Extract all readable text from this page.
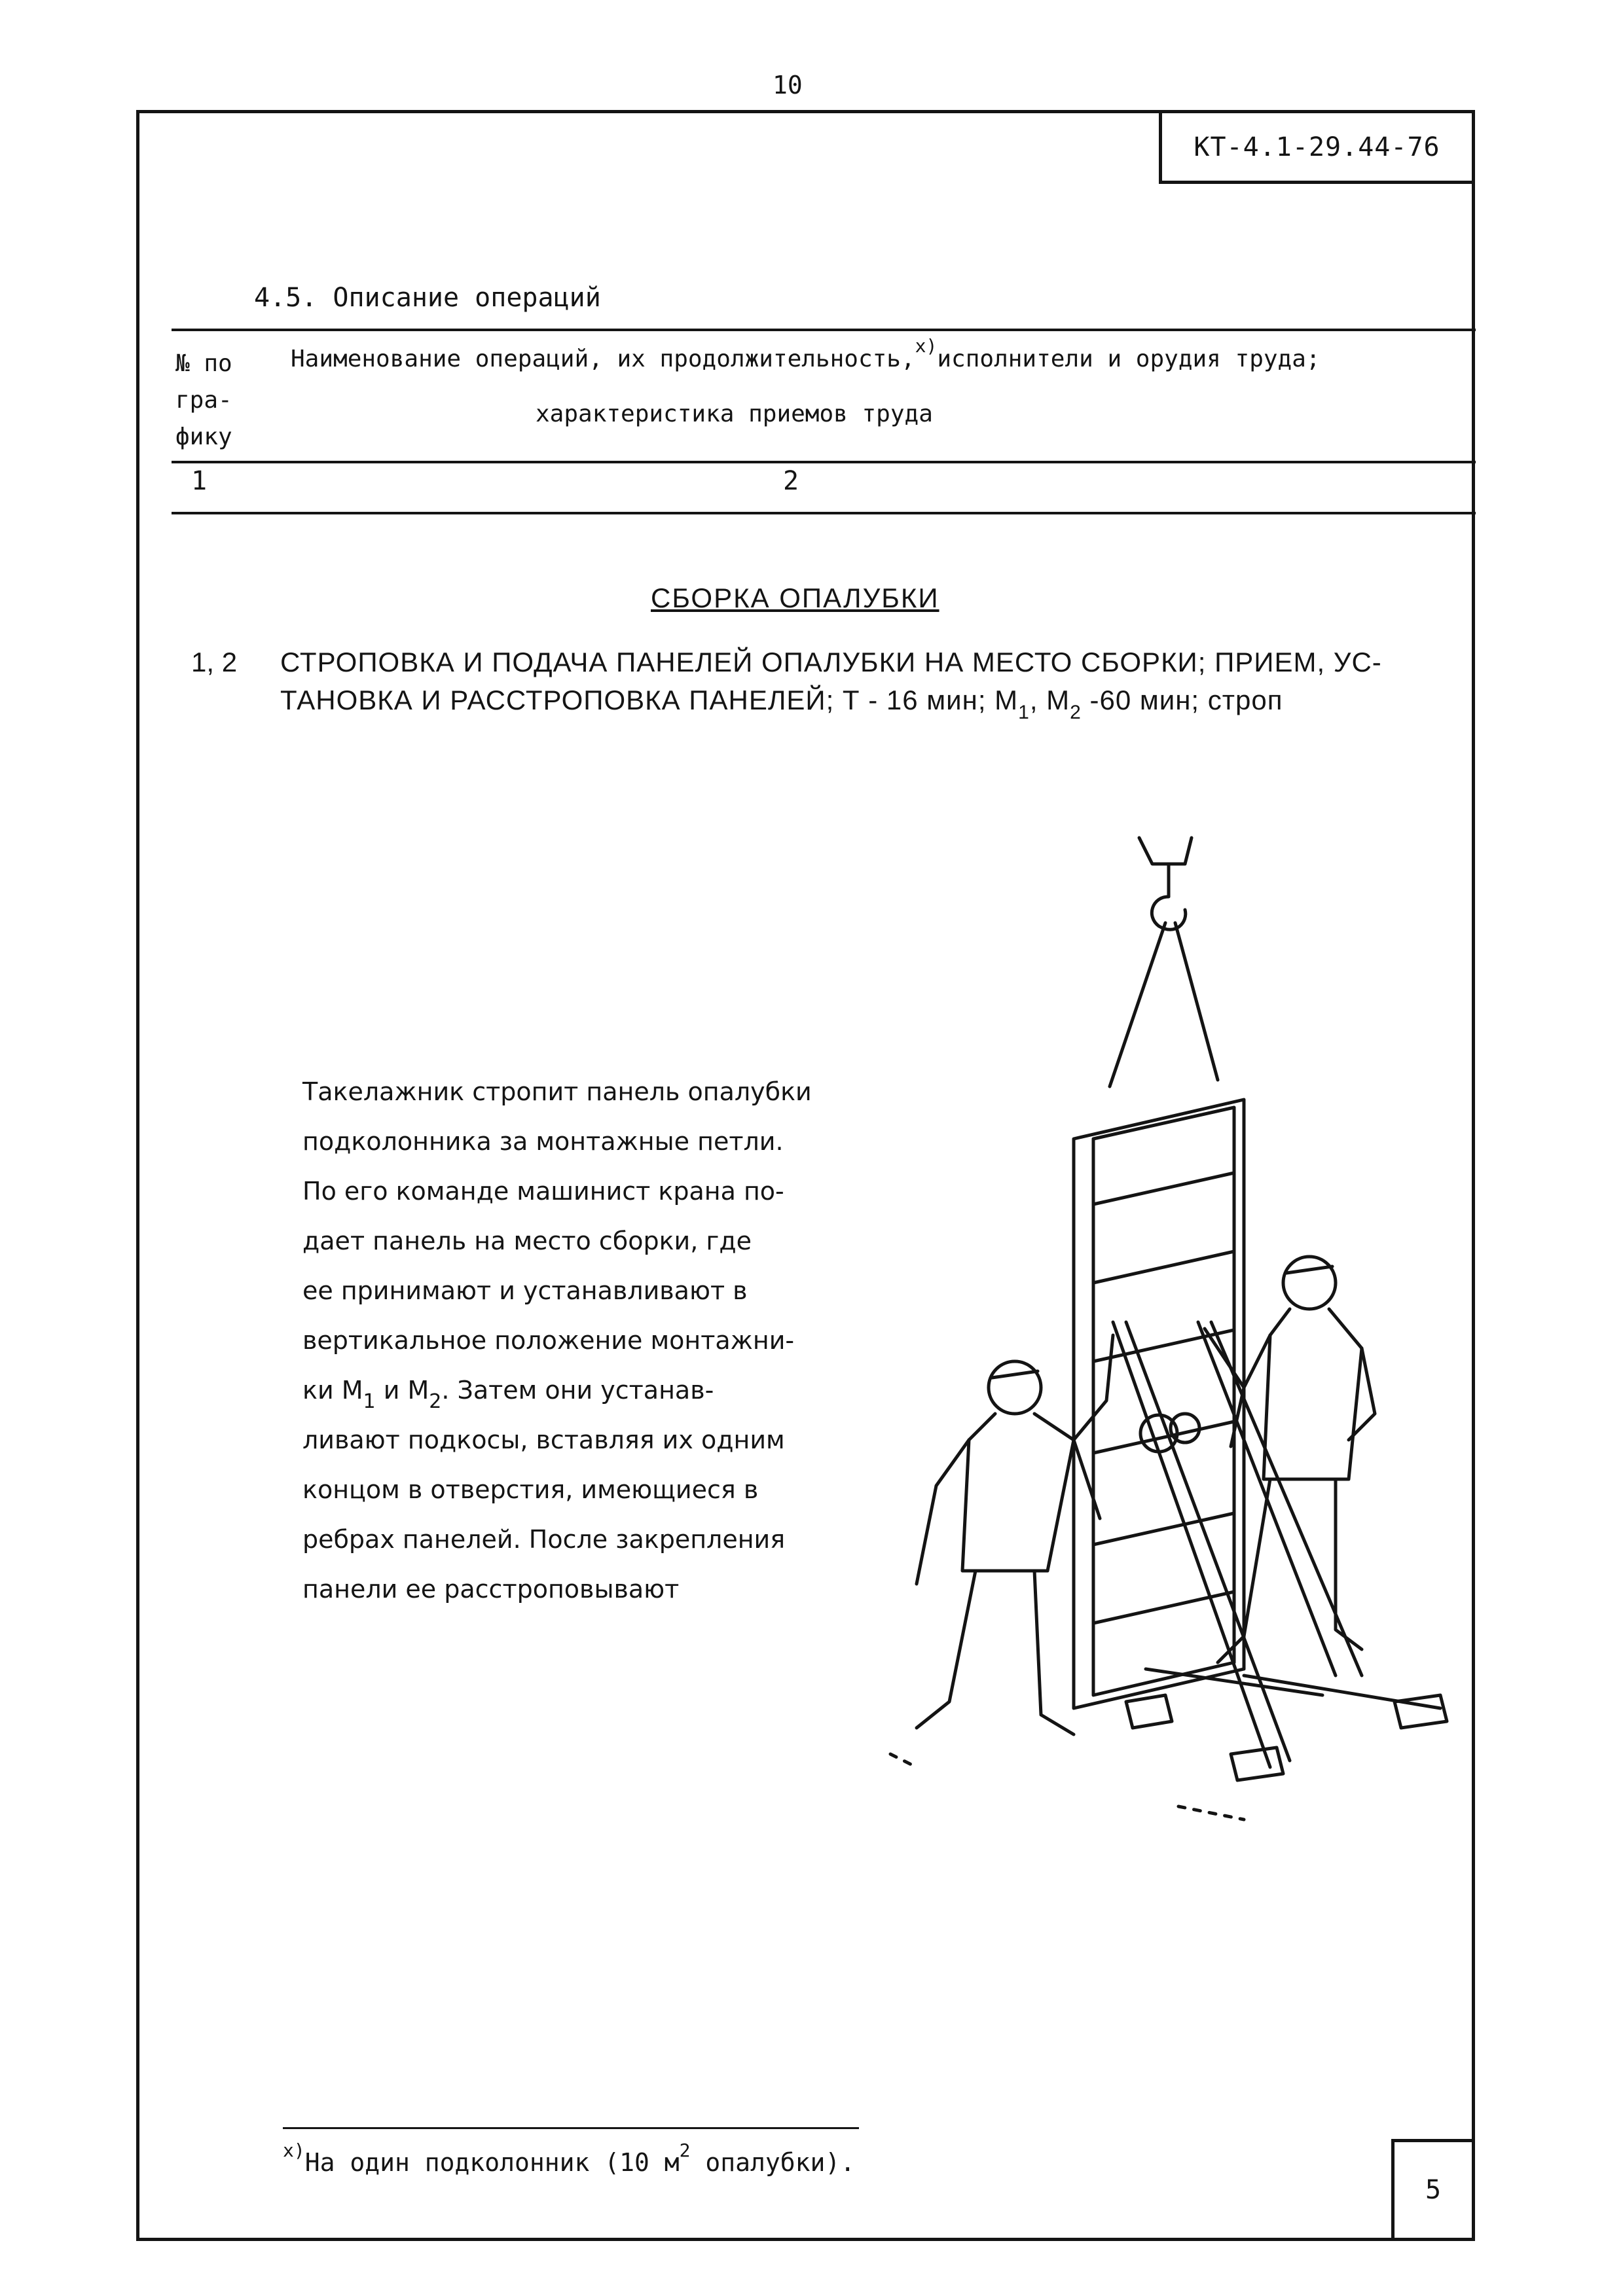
10
КТ-4.1-29.44-76
4.5. Описание операций
№ по
гра-
фику
Наименование операций, их продолжительность,$^{x)}$исполнители и орудия труда;
характеристика приемов труда
1	2
СБОРКА ОПАЛУБКИ
1, 2 СТРОПОВКА И ПОДАЧА ПАНЕЛЕЙ ОПАЛУБКИ НА МЕСТО СБОРКИ; ПРИЕМ, УС-
ТАНОВКА И РАССТРОПОВКА ПАНЕЛЕЙ; Т - 16 мин; $М_1$, $М_2$ -60 мин; строп
Такелажник стропит панель опалубки
подколонника за монтажные петли.
По его команде машинист крана по-
дает панель на место сборки, где
ее принимают и устанавливают в
вертикальное положение монтажни-
ки $М_1$ и $М_2$. Затем они устанав-
ливают подкосы, вставляя их одним
концом в отверстия, имеющиеся в
ребрах панелей. После закрепления
панели ее расстроповывают
$^{x)}$На один подколонник (10 $м^2$ опалубки).
5
